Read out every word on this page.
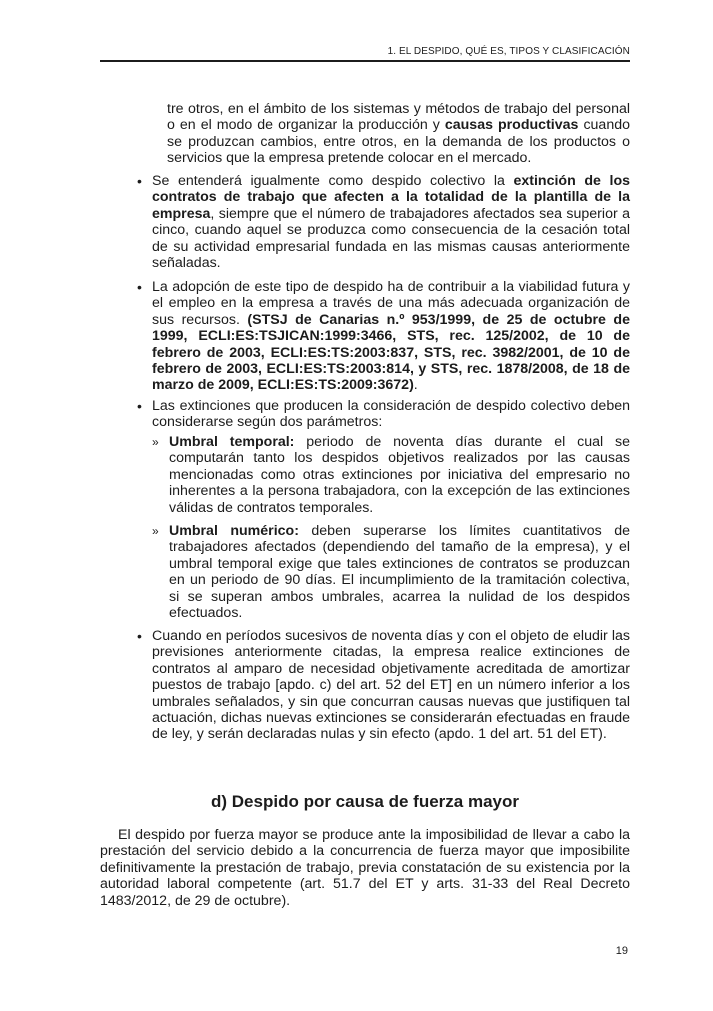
1. EL DESPIDO, QUÉ ES, TIPOS Y CLASIFICACIÓN
tre otros, en el ámbito de los sistemas y métodos de trabajo del personal o en el modo de organizar la producción y causas productivas cuando se produzcan cambios, entre otros, en la demanda de los productos o servicios que la empresa pretende colocar en el mercado.
• Se entenderá igualmente como despido colectivo la extinción de los contratos de trabajo que afecten a la totalidad de la plantilla de la empresa, siempre que el número de trabajadores afectados sea superior a cinco, cuando aquel se produzca como consecuencia de la cesación total de su actividad empresarial fundada en las mismas causas anteriormente señaladas.
• La adopción de este tipo de despido ha de contribuir a la viabilidad futura y el empleo en la empresa a través de una más adecuada organización de sus recursos. (STSJ de Canarias n.º 953/1999, de 25 de octubre de 1999, ECLI:ES:TSJICAN:1999:3466, STS, rec. 125/2002, de 10 de febrero de 2003, ECLI:ES:TS:2003:837, STS, rec. 3982/2001, de 10 de febrero de 2003, ECLI:ES:TS:2003:814, y STS, rec. 1878/2008, de 18 de marzo de 2009, ECLI:ES:TS:2009:3672).
• Las extinciones que producen la consideración de despido colectivo deben considerarse según dos parámetros:
» Umbral temporal: periodo de noventa días durante el cual se computarán tanto los despidos objetivos realizados por las causas mencionadas como otras extinciones por iniciativa del empresario no inherentes a la persona trabajadora, con la excepción de las extinciones válidas de contratos temporales.
» Umbral numérico: deben superarse los límites cuantitativos de trabajadores afectados (dependiendo del tamaño de la empresa), y el umbral temporal exige que tales extinciones de contratos se produzcan en un periodo de 90 días. El incumplimiento de la tramitación colectiva, si se superan ambos umbrales, acarrea la nulidad de los despidos efectuados.
• Cuando en períodos sucesivos de noventa días y con el objeto de eludir las previsiones anteriormente citadas, la empresa realice extinciones de contratos al amparo de necesidad objetivamente acreditada de amortizar puestos de trabajo [apdo. c) del art. 52 del ET] en un número inferior a los umbrales señalados, y sin que concurran causas nuevas que justifiquen tal actuación, dichas nuevas extinciones se considerarán efectuadas en fraude de ley, y serán declaradas nulas y sin efecto (apdo. 1 del art. 51 del ET).
d) Despido por causa de fuerza mayor
El despido por fuerza mayor se produce ante la imposibilidad de llevar a cabo la prestación del servicio debido a la concurrencia de fuerza mayor que imposibilite definitivamente la prestación de trabajo, previa constatación de su existencia por la autoridad laboral competente (art. 51.7 del ET y arts. 31-33 del Real Decreto 1483/2012, de 29 de octubre).
19
